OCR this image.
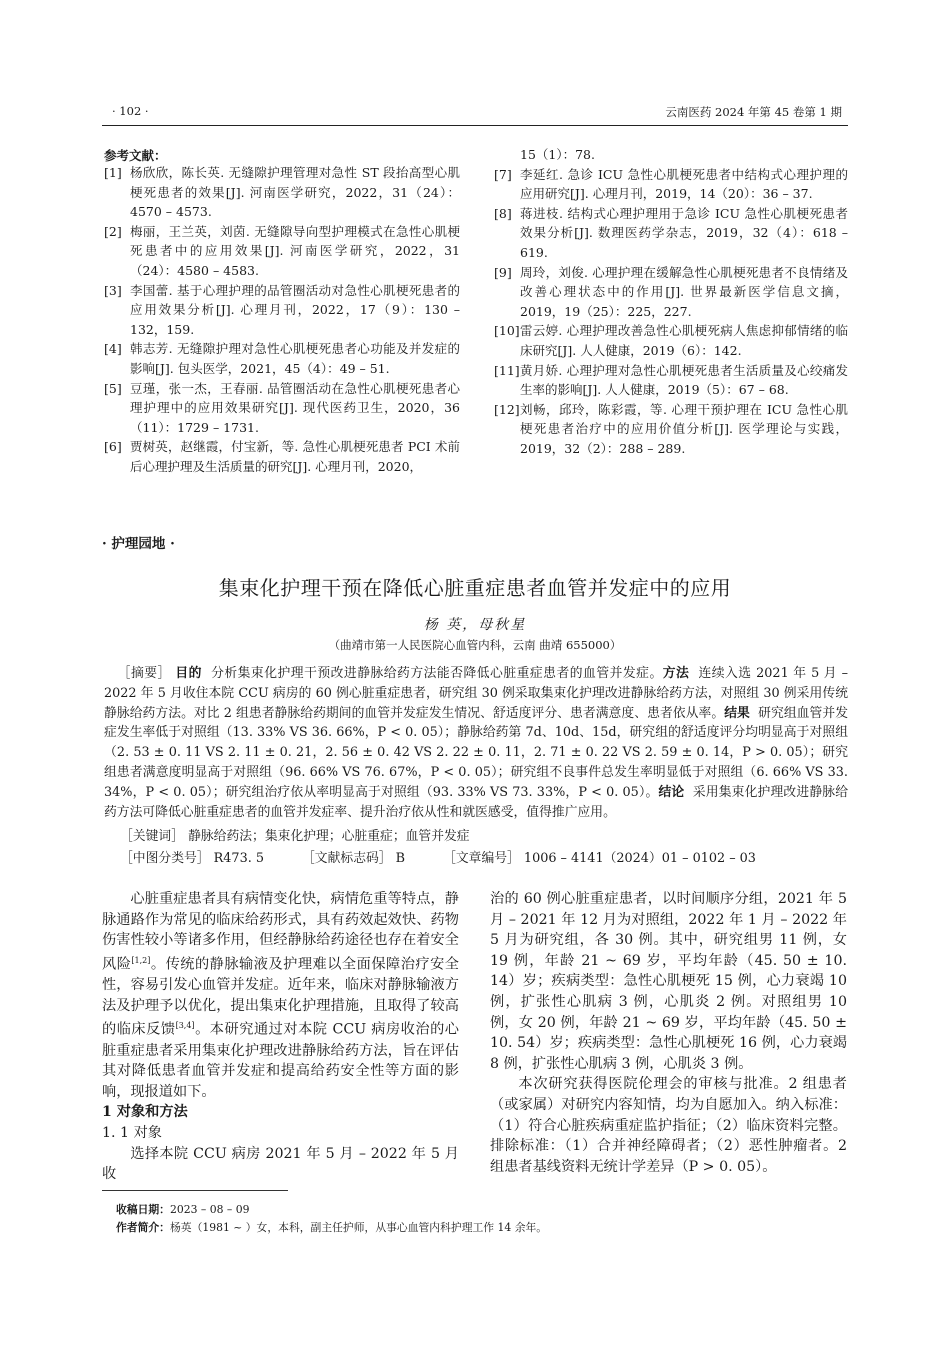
· 102 ·	云南医药 2024 年第 45 卷第 1 期
参考文献：
[1] 杨欣欣，陈长英. 无缝隙护理管理对急性 ST 段抬高型心肌梗死患者的效果[J]. 河南医学研究，2022，31（24）：4570 – 4573.
[2] 梅丽，王兰英，刘茵. 无缝隙导向型护理模式在急性心肌梗死患者中的应用效果[J]. 河南医学研究，2022，31（24）：4580 – 4583.
[3] 李国蕾. 基于心理护理的品管圈活动对急性心肌梗死患者的应用效果分析[J]. 心理月刊，2022，17（9）：130 – 132，159.
[4] 韩志芳. 无缝隙护理对急性心肌梗死患者心功能及并发症的影响[J]. 包头医学，2021，45（4）：49 – 51.
[5] 豆瑾，张一杰，王春丽. 品管圈活动在急性心肌梗死患者心理护理中的应用效果研究[J]. 现代医药卫生，2020，36（11）：1729 – 1731.
[6] 贾树英，赵继霞，付宝新，等. 急性心肌梗死患者 PCI 术前后心理护理及生活质量的研究[J]. 心理月刊，2020，
15（1）：78.
[7] 李延红. 急诊 ICU 急性心肌梗死患者中结构式心理护理的应用研究[J]. 心理月刊，2019，14（20）：36 – 37.
[8] 蒋进枝. 结构式心理护理用于急诊 ICU 急性心肌梗死患者效果分析[J]. 数理医药学杂志，2019，32（4）：618 – 619.
[9] 周玲，刘俊. 心理护理在缓解急性心肌梗死患者不良情绪及改善心理状态中的作用[J]. 世界最新医学信息文摘，2019，19（25）：225，227.
[10] 雷云婷. 心理护理改善急性心肌梗死病人焦虑抑郁情绪的临床研究[J]. 人人健康，2019（6）：142.
[11] 黄月娇. 心理护理对急性心肌梗死患者生活质量及心绞痛发生率的影响[J]. 人人健康，2019（5）：67 – 68.
[12] 刘畅，邱玲，陈彩霞，等. 心理干预护理在 ICU 急性心肌梗死患者治疗中的应用价值分析[J]. 医学理论与实践，2019，32（2）：288 – 289.
· 护理园地 ·
集束化护理干预在降低心脏重症患者血管并发症中的应用
杨 英，母秋星
（曲靖市第一人民医院心血管内科，云南 曲靖 655000）
［摘要］ 目的 分析集束化护理干预改进静脉给药方法能否降低心脏重症患者的血管并发症。方法 连续入选 2021 年 5 月 – 2022 年 5 月收住本院 CCU 病房的 60 例心脏重症患者，研究组 30 例采取集束化护理改进静脉给药方法，对照组 30 例采用传统静脉给药方法。对比 2 组患者静脉给药期间的血管并发症发生情况、舒适度评分、患者满意度、患者依从率。结果 研究组血管并发症发生率低于对照组（13. 33% VS 36. 66%，P < 0. 05）；静脉给药第 7d、10d、15d，研究组的舒适度评分均明显高于对照组（2. 53 ± 0. 11 VS 2. 11 ± 0. 21，2. 56 ± 0. 42 VS 2. 22 ± 0. 11，2. 71 ± 0. 22 VS 2. 59 ± 0. 14，P > 0. 05）；研究组患者满意度明显高于对照组（96. 66% VS 76. 67%，P < 0. 05）；研究组不良事件总发生率明显低于对照组（6. 66% VS 33. 34%，P < 0. 05）；研究组治疗依从率明显高于对照组（93. 33% VS 73. 33%，P < 0. 05）。结论 采用集束化护理改进静脉给药方法可降低心脏重症患者的血管并发症率、提升治疗依从性和就医感受，值得推广应用。
［关键词］ 静脉给药法；集束化护理；心脏重症；血管并发症
［中图分类号］ R473. 5	［文献标志码］ B	［文章编号］ 1006 – 4141（2024）01 – 0102 – 03

心脏重症患者具有病情变化快，病情危重等特点，静脉通路作为常见的临床给药形式，具有药效起效快、药物伤害性较小等诸多作用，但经静脉给药途径也存在着安全风险[1,2]。传统的静脉输液及护理难以全面保障治疗安全性，容易引发心血管并发症。近年来，临床对静脉输液方法及护理予以优化，提出集束化护理措施，且取得了较高的临床反馈[3,4]。本研究通过对本院 CCU 病房收治的心脏重症患者采用集束化护理改进静脉给药方法，旨在评估其对降低患者血管并发症和提高给药安全性等方面的影响，现报道如下。

1 对象和方法
1. 1 对象

选择本院 CCU 病房 2021 年 5 月 – 2022 年 5 月收

治的 60 例心脏重症患者，以时间顺序分组，2021 年 5 月 – 2021 年 12 月为对照组，2022 年 1 月 – 2022 年 5 月为研究组，各 30 例。其中，研究组男 11 例，女 19 例，年龄 21 ~ 69 岁，平均年龄（45. 50 ± 10. 14）岁；疾病类型：急性心肌梗死 15 例，心力衰竭 10 例，扩张性心肌病 3 例，心肌炎 2 例。对照组男 10 例，女 20 例，年龄 21 ~ 69 岁，平均年龄（45. 50 ± 10. 54）岁；疾病类型：急性心肌梗死 16 例，心力衰竭 8 例，扩张性心肌病 3 例，心肌炎 3 例。

本次研究获得医院伦理会的审核与批准。2 组患者（或家属）对研究内容知情，均为自愿加入。纳入标准：（1）符合心脏疾病重症监护指征；（2）临床资料完整。排除标准：（1）合并神经障碍者；（2）恶性肿瘤者。2 组患者基线资料无统计学差异（P > 0. 05）。

收稿日期：2023 – 08 – 09
作者简介：杨英（1981 ~ ）女，本科，副主任护师，从事心血管内科护理工作 14 余年。
